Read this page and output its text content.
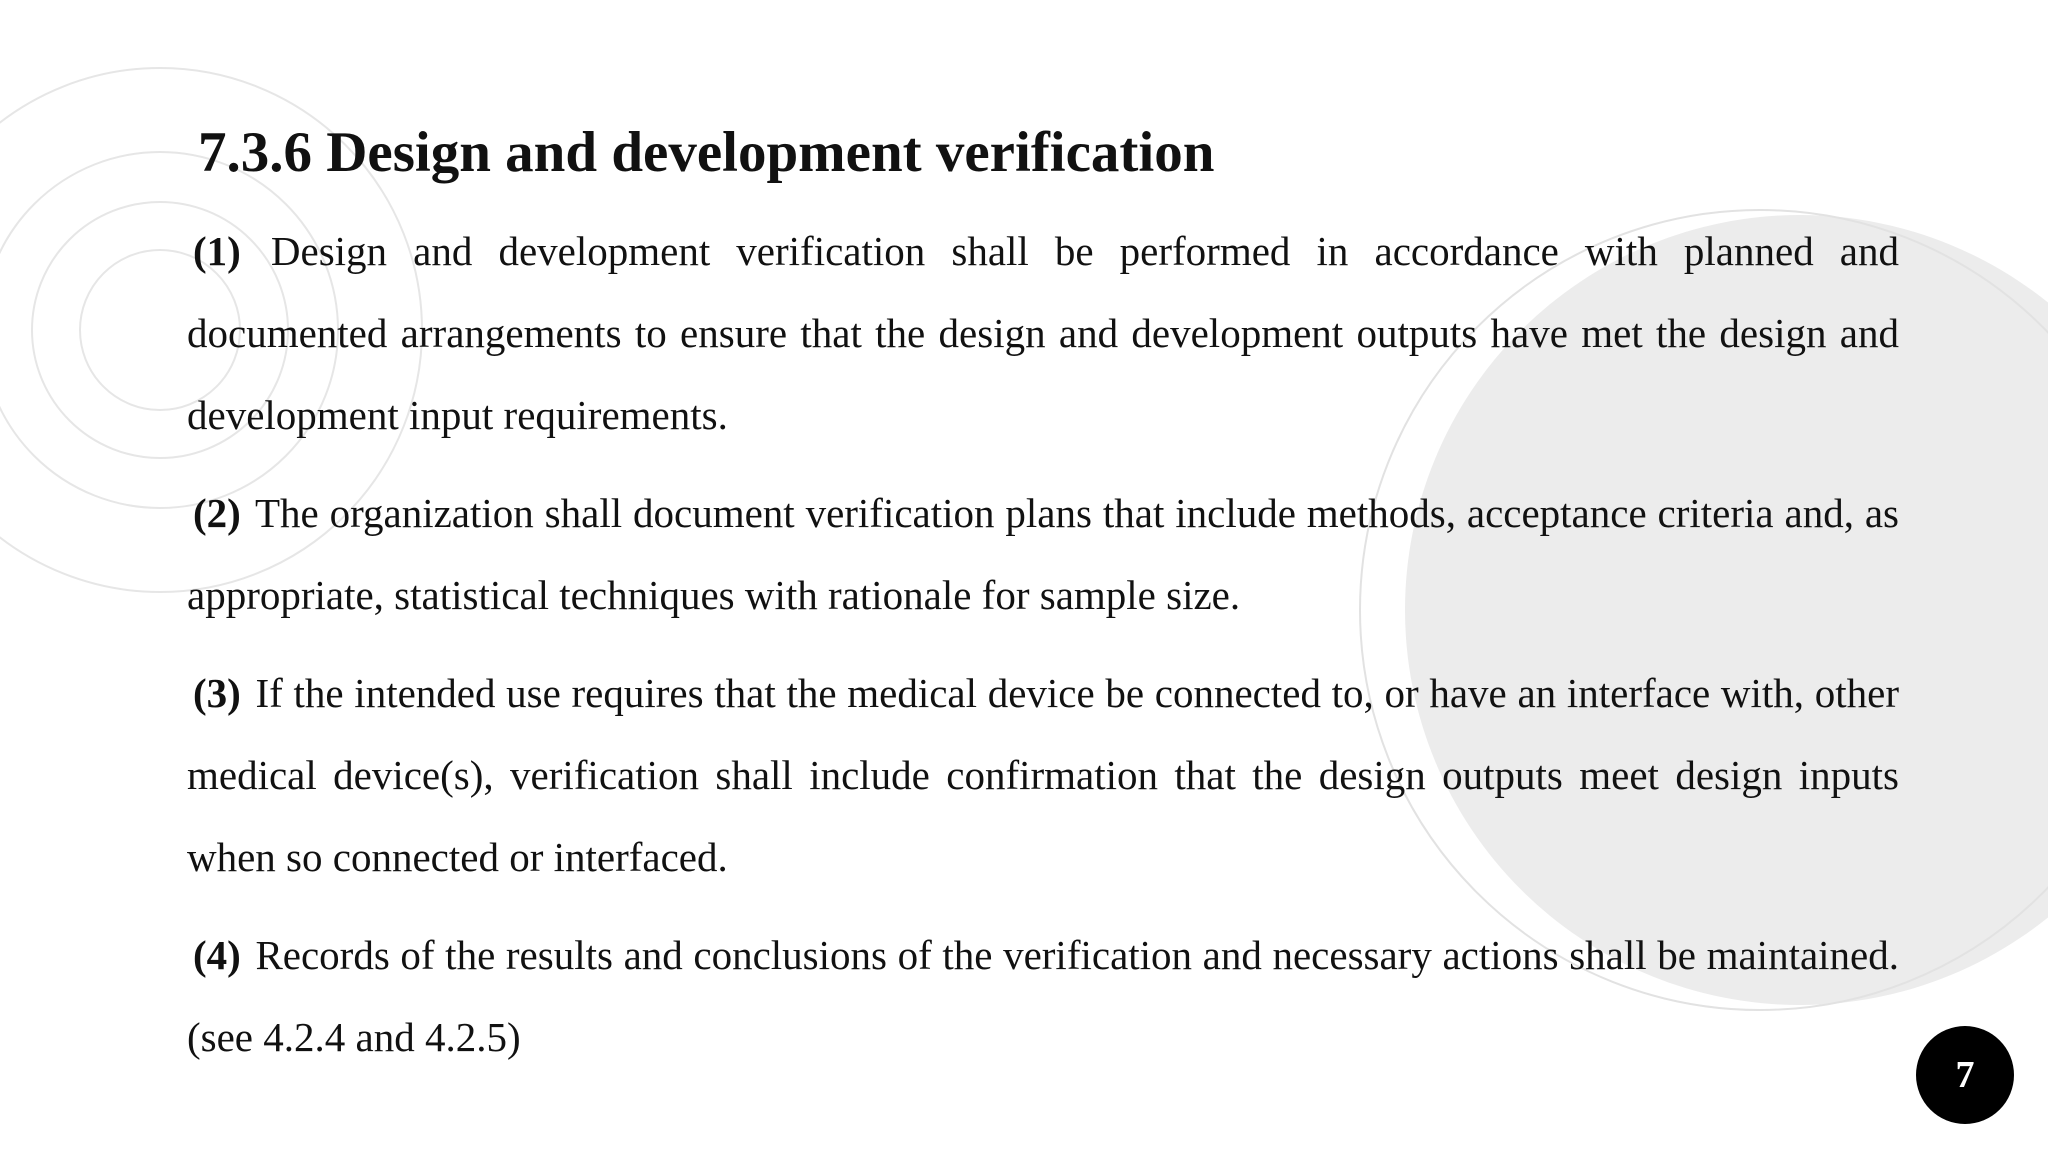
7.3.6 Design and development verification

(1) Design and development verification shall be performed in accordance with planned and documented arrangements to ensure that the design and development outputs have met the design and development input requirements.

(2) The organization shall document verification plans that include methods, acceptance criteria and, as appropriate, statistical techniques with rationale for sample size.

(3) If the intended use requires that the medical device be connected to, or have an interface with, other medical device(s), verification shall include confirmation that the design outputs meet design inputs when so connected or interfaced.

(4) Records of the results and conclusions of the verification and necessary actions shall be maintained. (see 4.2.4 and 4.2.5)

7
